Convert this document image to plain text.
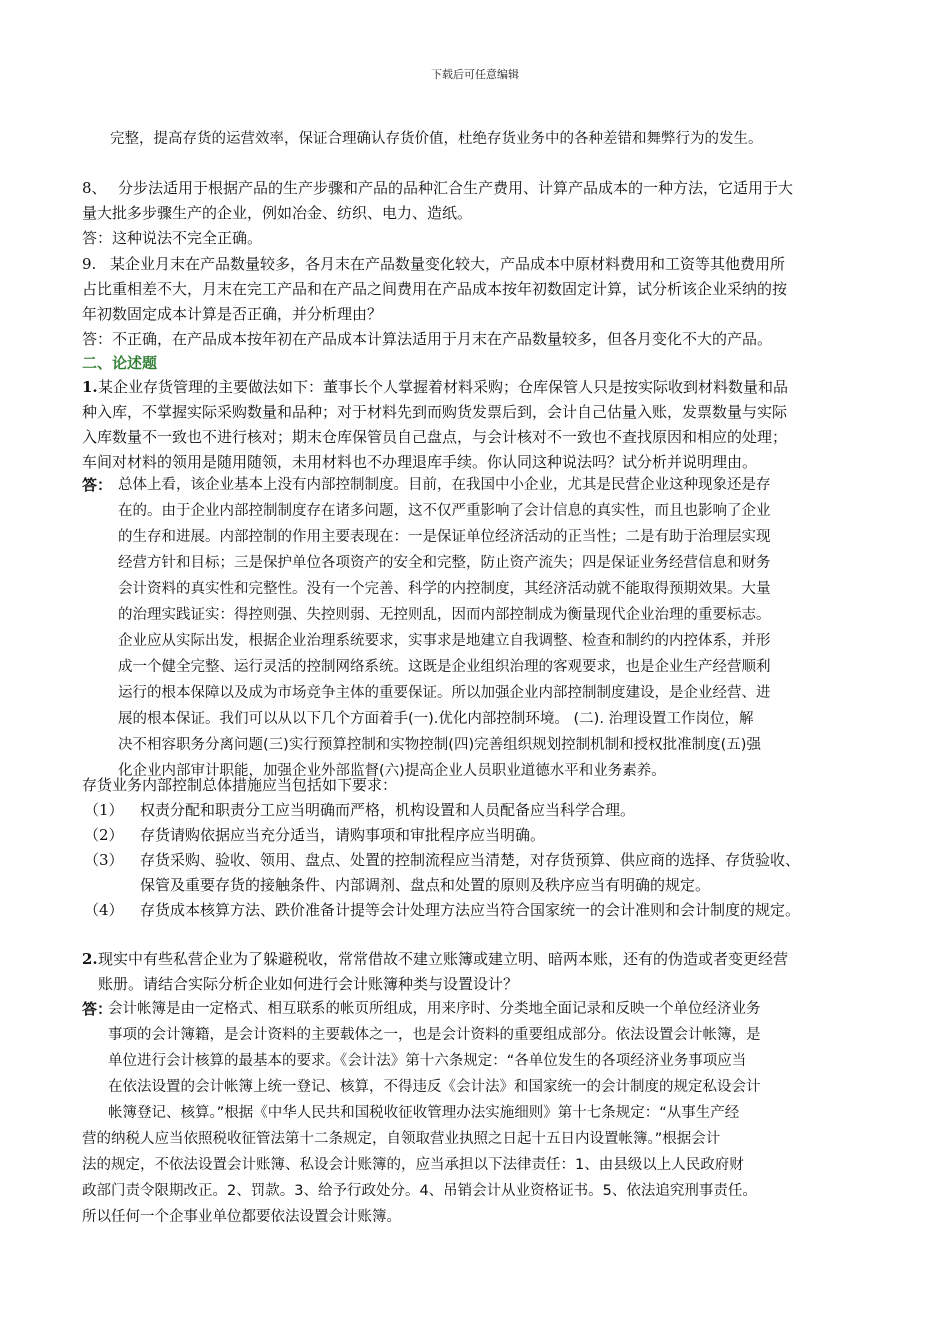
下载后可任意编辑
完整，提高存货的运营效率，保证合理确认存货价值，杜绝存货业务中的各种差错和舞弊行为的发生。
8、 分步法适用于根据产品的生产步骤和产品的品种汇合生产费用、计算产品成本的一种方法，它适用于大
量大批多步骤生产的企业，例如冶金、纺织、电力、造纸。
答：这种说法不完全正确。
9. 某企业月末在产品数量较多，各月末在产品数量变化较大，产品成本中原材料费用和工资等其他费用所
占比重相差不大，月末在完工产品和在产品之间费用在产品成本按年初数固定计算，试分析该企业采纳的按
年初数固定成本计算是否正确，并分析理由？
答：不正确，在产品成本按年初在产品成本计算法适用于月末在产品数量较多，但各月变化不大的产品。
二、论述题
1. 某企业存货管理的主要做法如下：董事长个人掌握着材料采购；仓库保管人只是按实际收到材料数量和品
种入库，不掌握实际采购数量和品种；对于材料先到而购货发票后到，会计自己估量入账，发票数量与实际
入库数量不一致也不进行核对；期末仓库保管员自己盘点，与会计核对不一致也不查找原因和相应的处理；
车间对材料的领用是随用随领，未用材料也不办理退库手续。你认同这种说法吗？试分析并说明理由。
答： 总体上看，该企业基本上没有内部控制制度。目前，在我国中小企业，尤其是民营企业这种现象还是存
在的。由于企业内部控制制度存在诸多问题，这不仅严重影响了会计信息的真实性，而且也影响了企业
的生存和进展。内部控制的作用主要表现在：一是保证单位经济活动的正当性；二是有助于治理层实现
经营方针和目标；三是保护单位各项资产的安全和完整，防止资产流失；四是保证业务经营信息和财务
会计资料的真实性和完整性。没有一个完善、科学的内控制度，其经济活动就不能取得预期效果。大量
的治理实践证实：得控则强、失控则弱、无控则乱，因而内部控制成为衡量现代企业治理的重要标志。
企业应从实际出发，根据企业治理系统要求，实事求是地建立自我调整、检查和制约的内控体系，并形
成一个健全完整、运行灵活的控制网络系统。这既是企业组织治理的客观要求，也是企业生产经营顺利
运行的根本保障以及成为市场竞争主体的重要保证。所以加强企业内部控制制度建设，是企业经营、进
展的根本保证。我们可以从以下几个方面着手(一).优化内部控制环境。 (二). 治理设置工作岗位，解
决不相容职务分离问题(三)实行预算控制和实物控制(四)完善组织规划控制机制和授权批准制度(五)强
化企业内部审计职能，加强企业外部监督(六)提高企业人员职业道德水平和业务素养。
存货业务内部控制总体措施应当包括如下要求：
（1） 权责分配和职责分工应当明确而严格，机构设置和人员配备应当科学合理。
（2） 存货请购依据应当充分适当，请购事项和审批程序应当明确。
（3） 存货采购、验收、领用、盘点、处置的控制流程应当清楚，对存货预算、供应商的选择、存货验收、
保管及重要存货的接触条件、内部调剂、盘点和处置的原则及秩序应当有明确的规定。
（4） 存货成本核算方法、跌价准备计提等会计处理方法应当符合国家统一的会计准则和会计制度的规定。
2. 现实中有些私营企业为了躲避税收，常常借故不建立账簿或建立明、暗两本账，还有的伪造或者变更经营
账册。请结合实际分析企业如何进行会计账簿种类与设置设计？
答：
会计帐簿是由一定格式、相互联系的帐页所组成，用来序时、分类地全面记录和反映一个单位经济业务
事项的会计簿籍，是会计资料的主要载体之一，也是会计资料的重要组成部分。依法设置会计帐簿，是
单位进行会计核算的最基本的要求。《会计法》第十六条规定：“各单位发生的各项经济业务事项应当
在依法设置的会计帐簿上统一登记、核算，不得违反《会计法》和国家统一的会计制度的规定私设会计
帐簿登记、核算。”根据《中华人民共和国税收征收管理办法实施细则》第十七条规定：“从事生产经
营的纳税人应当依照税收征管法第十二条规定，自领取营业执照之日起十五日内设置帐簿。”根据会计
法的规定，不依法设置会计账簿、私设会计账簿的，应当承担以下法律责任：1、由县级以上人民政府财
政部门责令限期改正。2、罚款。3、给予行政处分。4、吊销会计从业资格证书。5、依法追究刑事责任。
所以任何一个企事业单位都要依法设置会计账簿。
